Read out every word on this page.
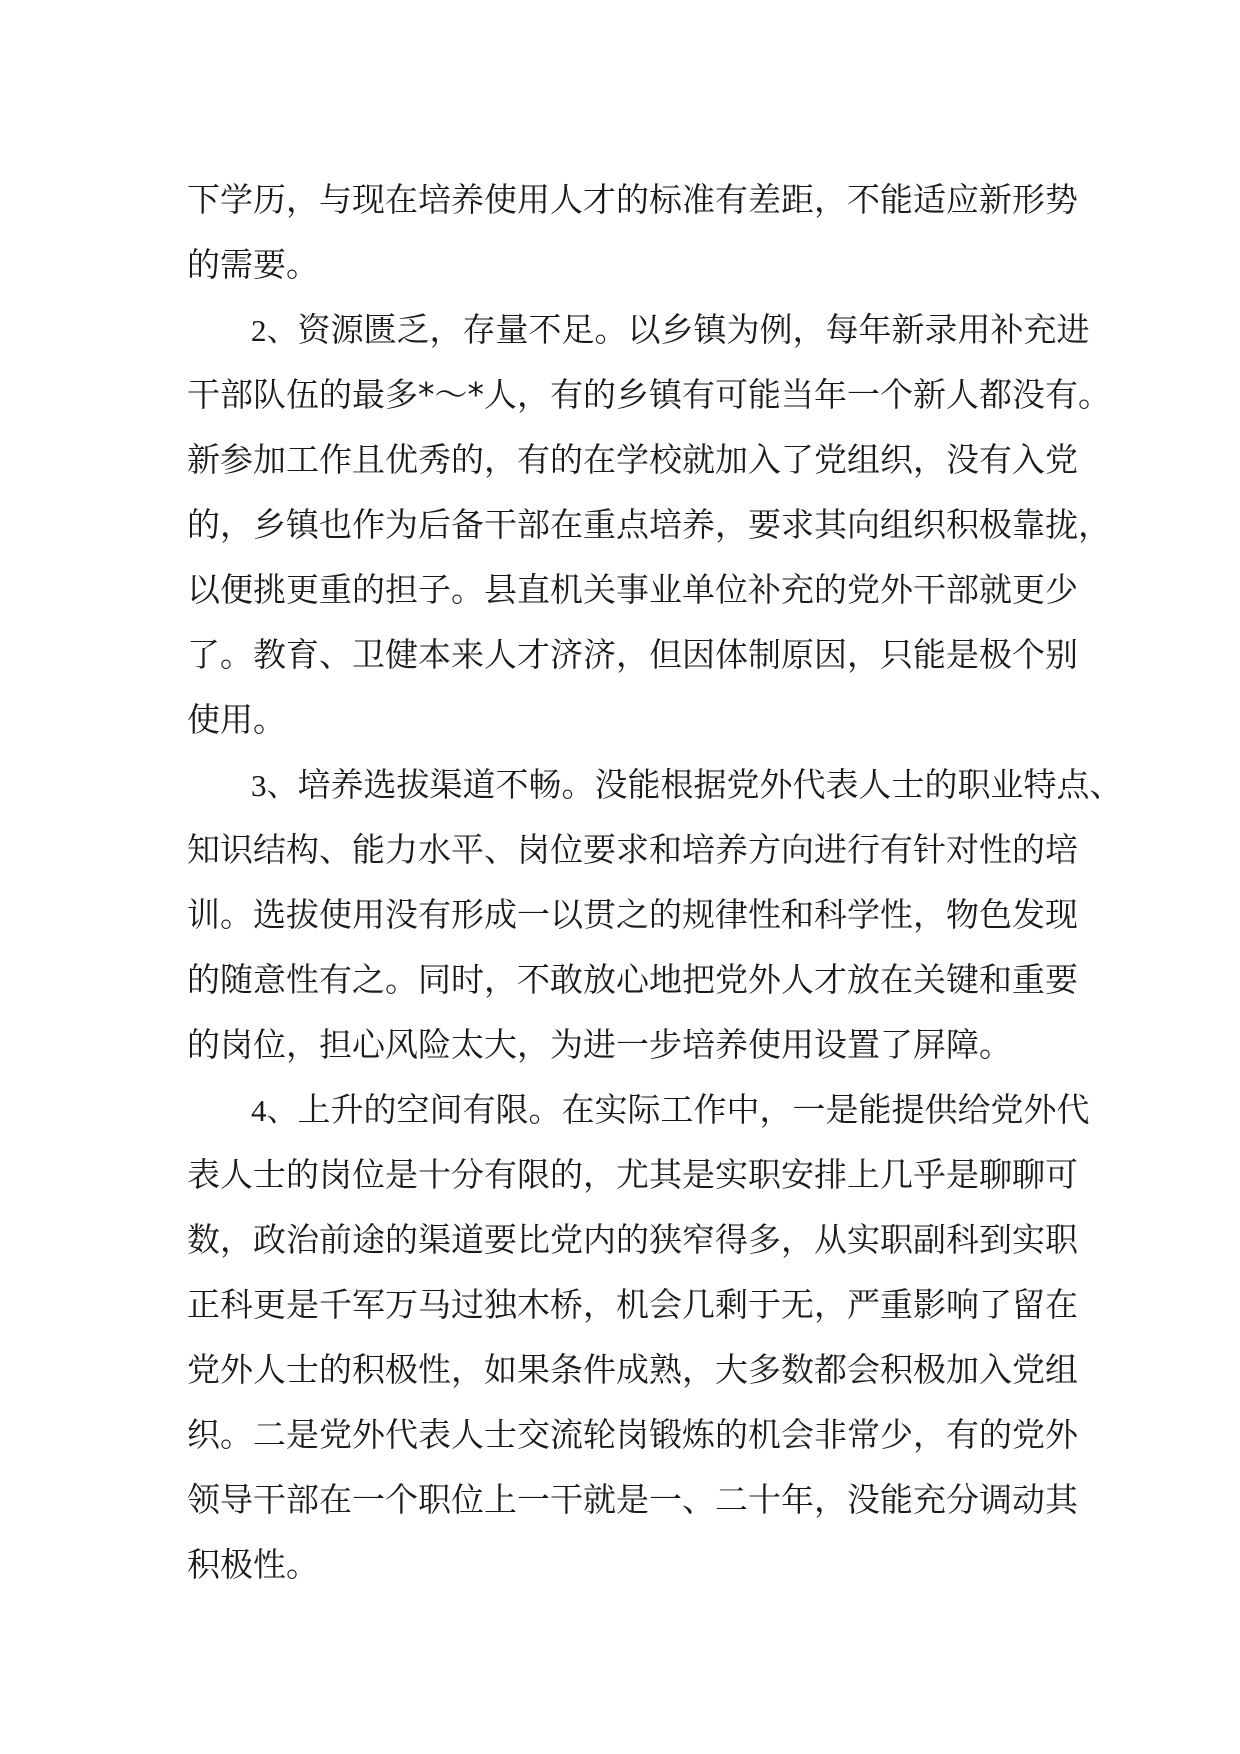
下学历，与现在培养使用人才的标准有差距，不能适应新形势
的需要。
2、资源匮乏，存量不足。以乡镇为例，每年新录用补充进
干部队伍的最多*～*人，有的乡镇有可能当年一个新人都没有。
新参加工作且优秀的，有的在学校就加入了党组织，没有入党
的，乡镇也作为后备干部在重点培养，要求其向组织积极靠拢，
以便挑更重的担子。县直机关事业单位补充的党外干部就更少
了。教育、卫健本来人才济济，但因体制原因，只能是极个别
使用。
3、培养选拔渠道不畅。没能根据党外代表人士的职业特点、
知识结构、能力水平、岗位要求和培养方向进行有针对性的培
训。选拔使用没有形成一以贯之的规律性和科学性，物色发现
的随意性有之。同时，不敢放心地把党外人才放在关键和重要
的岗位，担心风险太大，为进一步培养使用设置了屏障。
4、上升的空间有限。在实际工作中，一是能提供给党外代
表人士的岗位是十分有限的，尤其是实职安排上几乎是聊聊可
数，政治前途的渠道要比党内的狭窄得多，从实职副科到实职
正科更是千军万马过独木桥，机会几剩于无，严重影响了留在
党外人士的积极性，如果条件成熟，大多数都会积极加入党组
织。二是党外代表人士交流轮岗锻炼的机会非常少，有的党外
领导干部在一个职位上一干就是一、二十年，没能充分调动其
积极性。
